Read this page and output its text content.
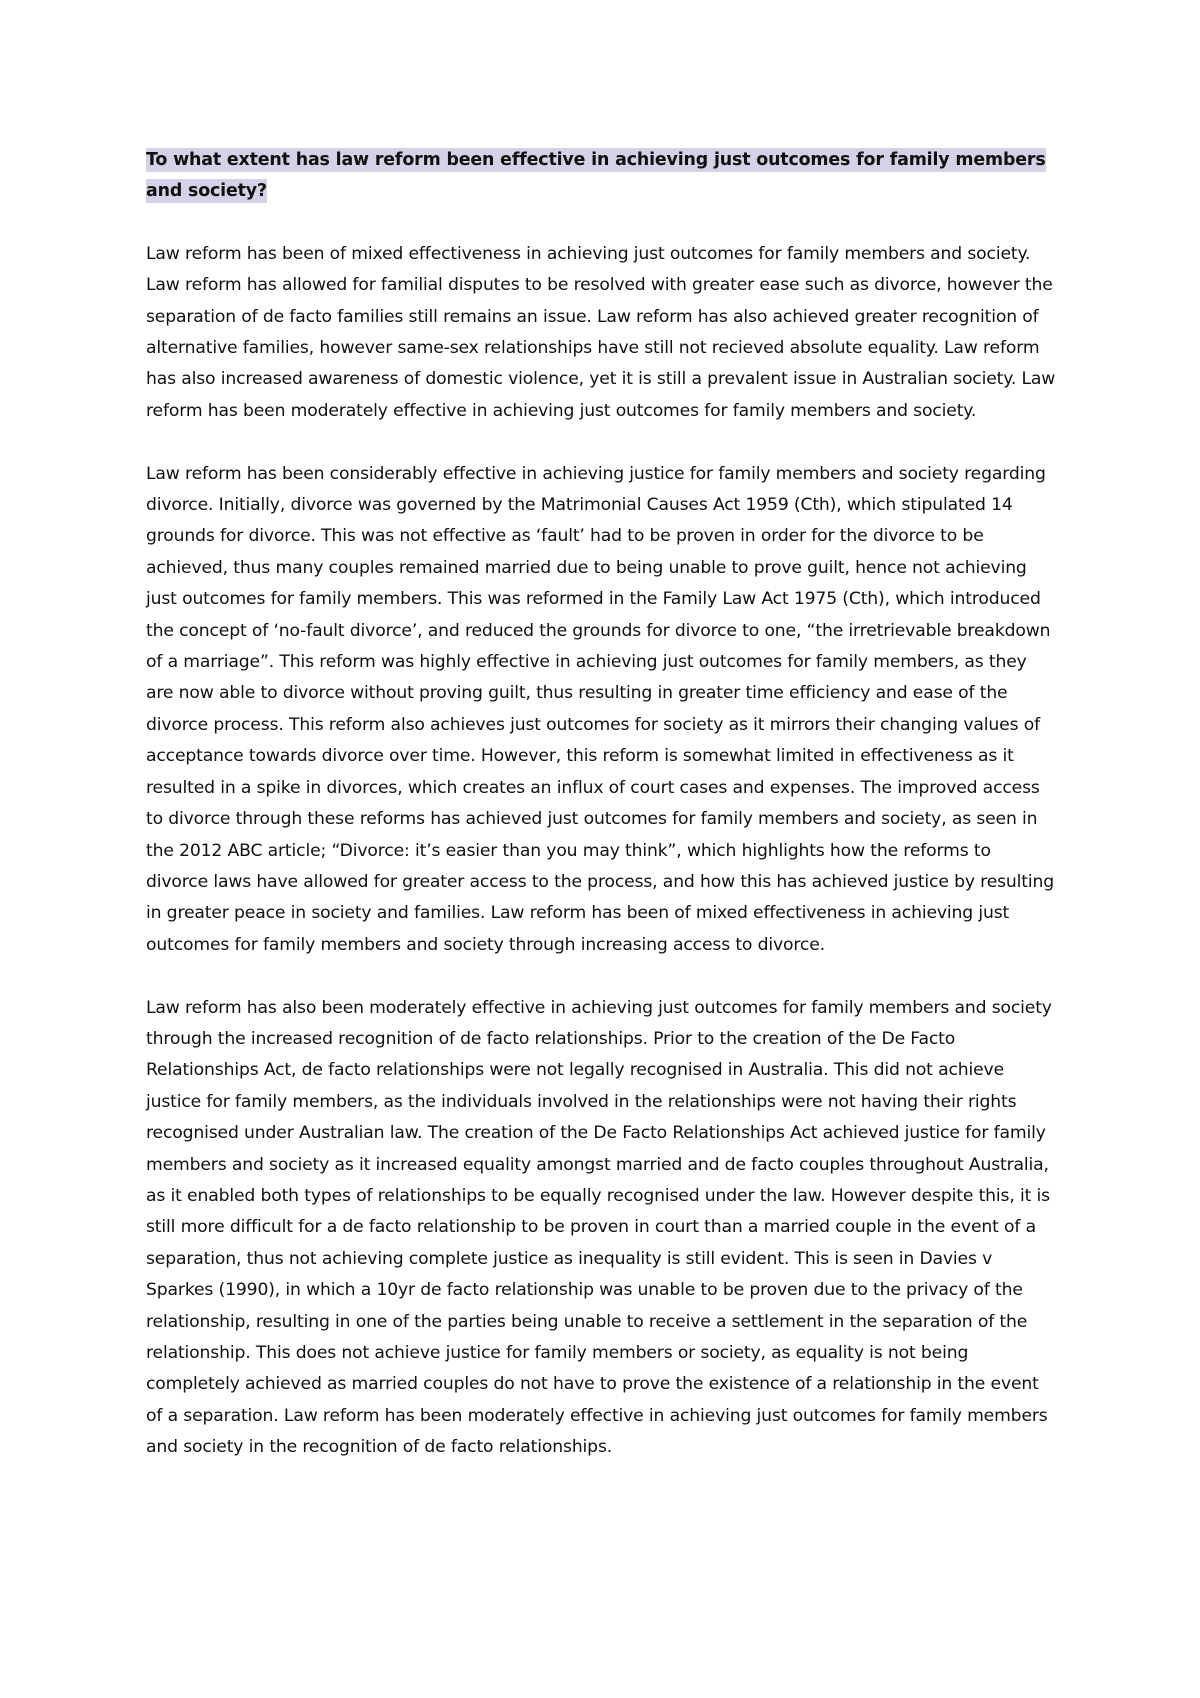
To what extent has law reform been effective in achieving just outcomes for family members and society?

Law reform has been of mixed effectiveness in achieving just outcomes for family members and society. Law reform has allowed for familial disputes to be resolved with greater ease such as divorce, however the separation of de facto families still remains an issue. Law reform has also achieved greater recognition of alternative families, however same-sex relationships have still not recieved absolute equality. Law reform has also increased awareness of domestic violence, yet it is still a prevalent issue in Australian society. Law reform has been moderately effective in achieving just outcomes for family members and society.

Law reform has been considerably effective in achieving justice for family members and society regarding divorce. Initially, divorce was governed by the Matrimonial Causes Act 1959 (Cth), which stipulated 14 grounds for divorce. This was not effective as ‘fault’ had to be proven in order for the divorce to be achieved, thus many couples remained married due to being unable to prove guilt, hence not achieving just outcomes for family members. This was reformed in the Family Law Act 1975 (Cth), which introduced the concept of ‘no-fault divorce’, and reduced the grounds for divorce to one, “the irretrievable breakdown of a marriage”. This reform was highly effective in achieving just outcomes for family members, as they are now able to divorce without proving guilt, thus resulting in greater time efficiency and ease of the divorce process. This reform also achieves just outcomes for society as it mirrors their changing values of acceptance towards divorce over time. However, this reform is somewhat limited in effectiveness as it resulted in a spike in divorces, which creates an influx of court cases and expenses. The improved access to divorce through these reforms has achieved just outcomes for family members and society, as seen in the 2012 ABC article; “Divorce: it’s easier than you may think”, which highlights how the reforms to divorce laws have allowed for greater access to the process, and how this has achieved justice by resulting in greater peace in society and families. Law reform has been of mixed effectiveness in achieving just outcomes for family members and society through increasing access to divorce.

Law reform has also been moderately effective in achieving just outcomes for family members and society through the increased recognition of de facto relationships. Prior to the creation of the De Facto Relationships Act, de facto relationships were not legally recognised in Australia. This did not achieve justice for family members, as the individuals involved in the relationships were not having their rights recognised under Australian law. The creation of the De Facto Relationships Act achieved justice for family members and society as it increased equality amongst married and de facto couples throughout Australia, as it enabled both types of relationships to be equally recognised under the law. However despite this, it is still more difficult for a de facto relationship to be proven in court than a married couple in the event of a separation, thus not achieving complete justice as inequality is still evident. This is seen in Davies v Sparkes (1990), in which a 10yr de facto relationship was unable to be proven due to the privacy of the relationship, resulting in one of the parties being unable to receive a settlement in the separation of the relationship. This does not achieve justice for family members or society, as equality is not being completely achieved as married couples do not have to prove the existence of a relationship in the event of a separation. Law reform has been moderately effective in achieving just outcomes for family members and society in the recognition of de facto relationships.
